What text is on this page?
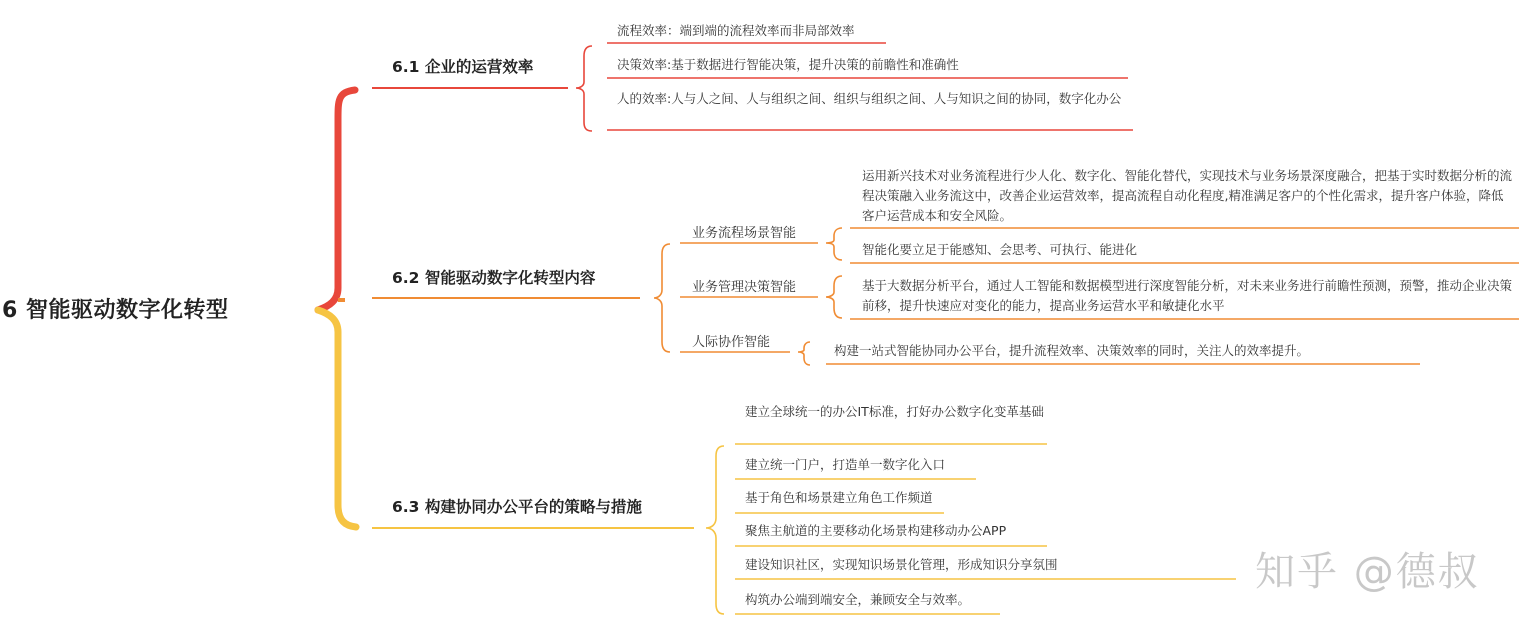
6 智能驱动数字化转型
6.1 企业的运营效率
流程效率：端到端的流程效率而非局部效率
决策效率:基于数据进行智能决策，提升决策的前瞻性和准确性
人的效率:人与人之间、人与组织之间、组织与组织之间、人与知识之间的协同，数字化办公
6.2 智能驱动数字化转型内容
业务流程场景智能
业务管理决策智能
人际协作智能
运用新兴技术对业务流程进行少人化、数字化、智能化替代，实现技术与业务场景深度融合，把基于实时数据分析的流程决策融入业务流这中，改善企业运营效率，提高流程自动化程度,精准满足客户的个性化需求，提升客户体验，降低客户运营成本和安全风险。
智能化要立足于能感知、会思考、可执行、能进化
基于大数据分析平台，通过人工智能和数据模型进行深度智能分析，对未来业务进行前瞻性预测，预警，推动企业决策前移，提升快速应对变化的能力，提高业务运营水平和敏捷化水平
构建一站式智能协同办公平台，提升流程效率、决策效率的同时，关注人的效率提升。
6.3 构建协同办公平台的策略与措施
建立全球统一的办公IT标准，打好办公数字化变革基础
建立统一门户，打造单一数字化入口
基于角色和场景建立角色工作频道
聚焦主航道的主要移动化场景构建移动办公APP
建设知识社区，实现知识场景化管理，形成知识分享氛围
构筑办公端到端安全，兼顾安全与效率。
知乎 @德叔
